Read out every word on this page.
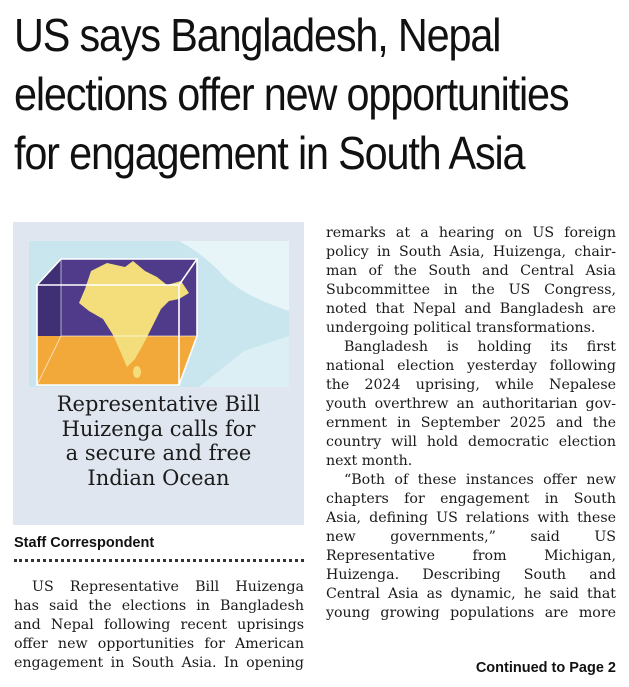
US says Bangladesh, Nepal
elections offer new opportunities
for engagement in South Asia
Representative Bill
Huizenga calls for
a secure and free
Indian Ocean
Staff Correspondent
US Representative Bill Huizenga
has said the elections in Bangladesh
and Nepal following recent uprisings
offer new opportunities for American
engagement in South Asia. In opening
remarks at a hearing on US foreign
policy in South Asia, Huizenga, chair-
man of the South and Central Asia
Subcommittee in the US Congress,
noted that Nepal and Bangladesh are
undergoing political transformations.
Bangladesh is holding its first
national election yesterday following
the 2024 uprising, while Nepalese
youth overthrew an authoritarian gov-
ernment in September 2025 and the
country will hold democratic election
next month.
“Both of these instances offer new
chapters for engagement in South
Asia, defining US relations with these
new governments,” said US
Representative from Michigan,
Huizenga. Describing South and
Central Asia as dynamic, he said that
young growing populations are more
Continued to Page 2
